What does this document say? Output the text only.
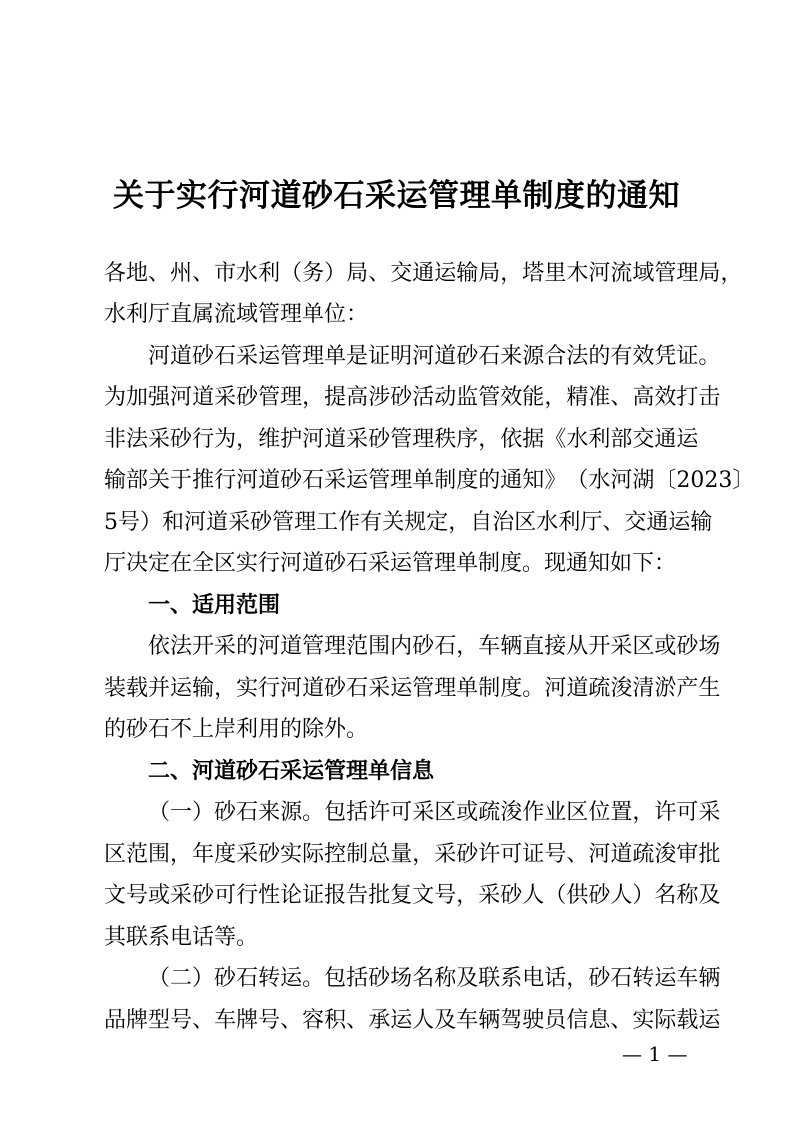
关于实行河道砂石采运管理单制度的通知
各 地 、 州 、 市 水 利 （ 务 ） 局 、 交 通 运 输 局 ， 塔 里 木 河 流 域 管 理 局 ，
水利厅直属流域管理单位：
河 道 砂 石 采 运 管 理 单 是 证 明 河 道 砂 石 来 源 合 法 的 有 效 凭 证 。
为 加 强 河 道 采 砂 管 理 ， 提 高 涉 砂 活 动 监 管 效 能 ， 精 准 、 高 效 打 击
非 法 采 砂 行 为 ， 维 护 河 道 采 砂 管 理 秩 序 ， 依 据 《 水 利 部 交 通 运
输 部 关 于 推 行 河 道 砂 石 采 运 管 理 单 制 度 的 通 知 》 （ 水 河 湖 〔 2023 〕
5 号 ） 和 河 道 采 砂 管 理 工 作 有 关 规 定 ， 自 治 区 水 利 厅 、 交 通 运 输
厅决定在全区实行河道砂石采运管理单制度。现通知如下：
一、适用范围
依 法 开 采 的 河 道 管 理 范 围 内 砂 石 ， 车 辆 直 接 从 开 采 区 或 砂 场
装 载 并 运 输 ， 实 行 河 道 砂 石 采 运 管 理 单 制 度 。 河 道 疏 浚 清 淤 产 生
的砂石不上岸利用的除外。
二、河道砂石采运管理单信息
（ 一 ） 砂 石 来 源 。 包 括 许 可 采 区 或 疏 浚 作 业 区 位 置 ， 许 可 采
区 范 围 ， 年 度 采 砂 实 际 控 制 总 量 ， 采 砂 许 可 证 号 、 河 道 疏 浚 审 批
文 号 或 采 砂 可 行 性 论 证 报 告 批 复 文 号 ， 采 砂 人 （ 供 砂 人 ） 名 称 及
其联系电话等。
（ 二 ） 砂 石 转 运 。 包 括 砂 场 名 称 及 联 系 电 话 ， 砂 石 转 运 车 辆
品 牌 型 号 、 车 牌 号 、 容 积 、 承 运 人 及 车 辆 驾 驶 员 信 息 、 实 际 载 运
— 1 —
